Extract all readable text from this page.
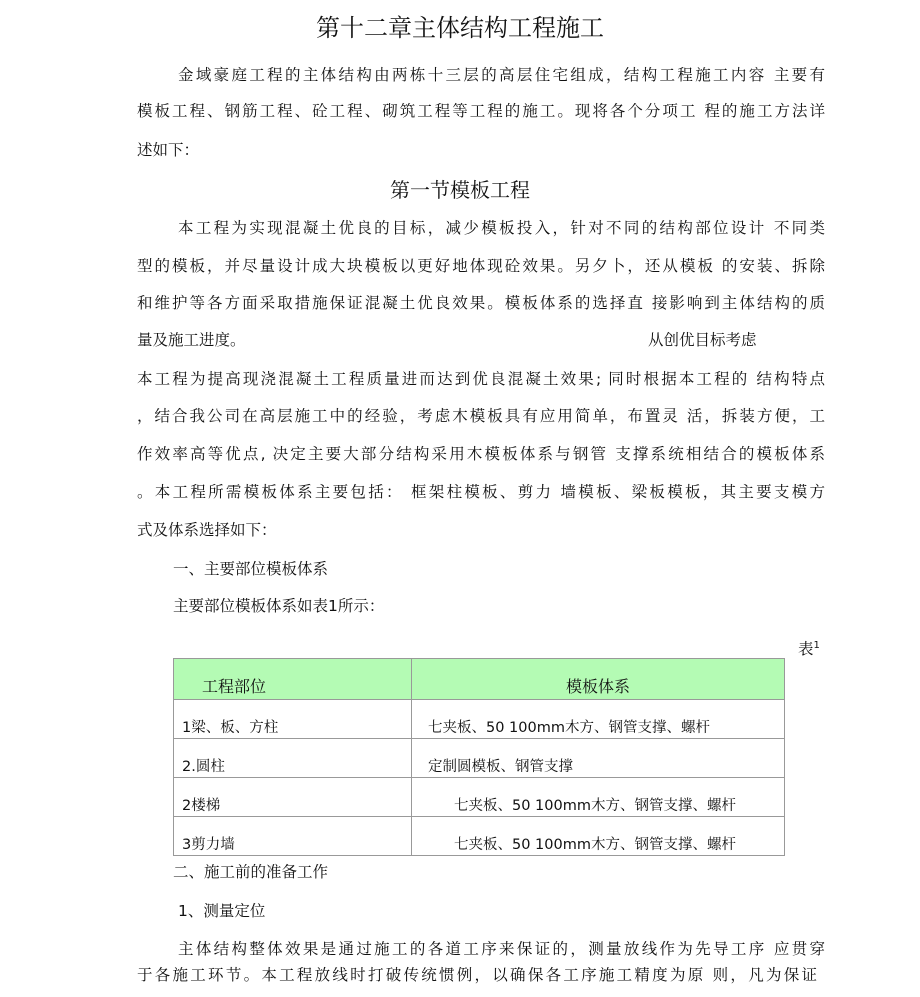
第十二章主体结构工程施工
金域豪庭工程的主体结构由两栋十三层的高层住宅组成，结构工程施工内容 主要有
模板工程、钢筋工程、砼工程、砌筑工程等工程的施工。现将各个分项工 程的施工方法详
述如下：
第一节模板工程
本工程为实现混凝土优良的目标，减少模板投入，针对不同的结构部位设计 不同类
型的模板，并尽量设计成大块模板以更好地体现砼效果。另夕卜，还从模板 的安装、拆除
和维护等各方面采取措施保证混凝土优良效果。模板体系的选择直 接影响到主体结构的质
量及施工进度。	从创优目标考虑
本工程为提高现浇混凝土工程质量进而达到优良混凝土效果; 同时根据本工程的 结构特点
，结合我公司在高层施工中的经验，考虑木模板具有应用简单，布置灵 活，拆装方便，工
作效率高等优点, 决定主要大部分结构采用木模板体系与钢管 支撑系统相结合的模板体系
。本工程所需模板体系主要包括： 框架柱模板、剪力 墙模板、梁板模板，其主要支模方
式及体系选择如下：
一、主要部位模板体系
主要部位模板体系如表1所示：
表$^1$
工程部位	模板体系
1梁、板、方柱	七夹板、50 100mm木方、钢管支撑、螺杆
2.圆柱	定制圆模板、钢管支撑
2楼梯	七夹板、50 100mm木方、钢管支撑、螺杆
3剪力墙	七夹板、50 100mm木方、钢管支撑、螺杆
二、施工前的准备工作
1、测量定位
主体结构整体效果是通过施工的各道工序来保证的，测量放线作为先导工序 应贯穿
于各施工环节。本工程放线时打破传统惯例，以确保各工序施工精度为原 则，凡为保证
